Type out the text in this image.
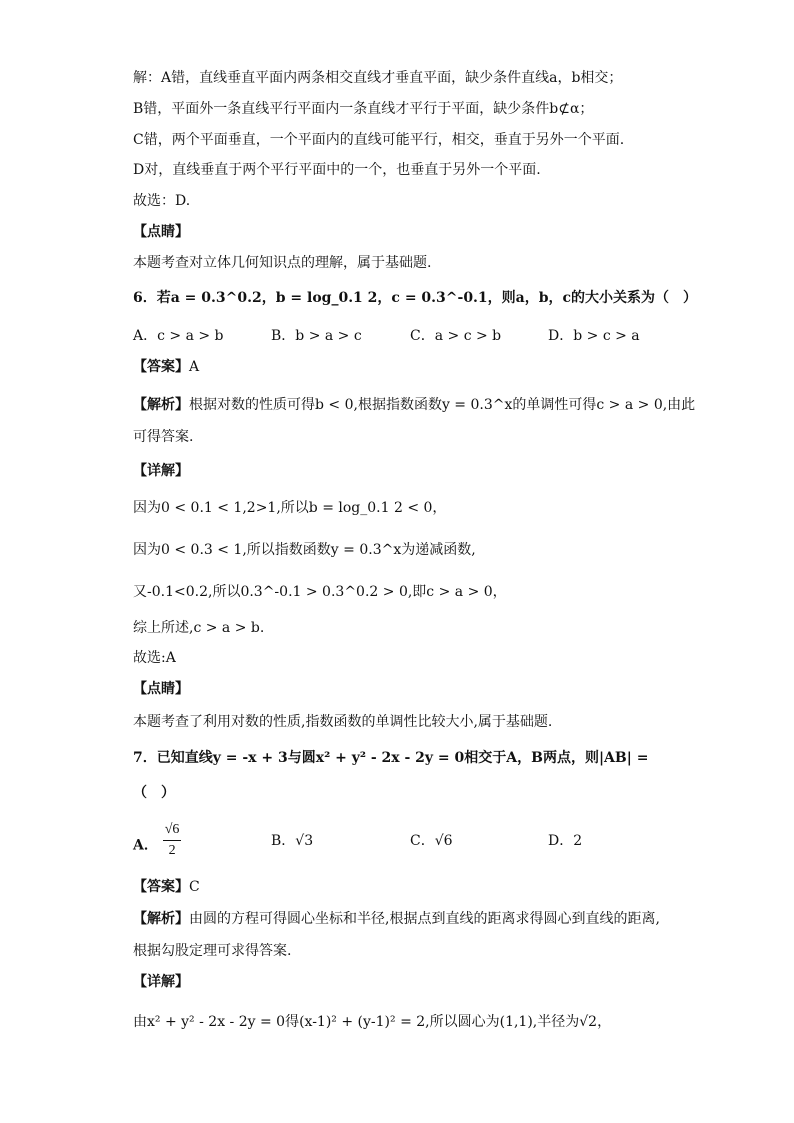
解：A错，直线垂直平面内两条相交直线才垂直平面，缺少条件直线a，b相交；
B错，平面外一条直线平行平面内一条直线才平行于平面，缺少条件b⊄α；
C错，两个平面垂直，一个平面内的直线可能平行，相交，垂直于另外一个平面.
D对，直线垂直于两个平行平面中的一个，也垂直于另外一个平面.
故选：D.
【点睛】
本题考查对立体几何知识点的理解，属于基础题.
6．若a = 0.3^0.2，b = log_0.1 2，c = 0.3^-0.1，则a，b，c的大小关系为（　）
A．c > a > b	B．b > a > c	C．a > c > b	D．b > c > a
【答案】A
【解析】根据对数的性质可得b < 0,根据指数函数y = 0.3^x的单调性可得c > a > 0,由此
可得答案.
【详解】
因为0 < 0.1 < 1,2>1,所以b = log_0.1 2 < 0，
因为0 < 0.3 < 1,所以指数函数y = 0.3^x为递减函数,
又-0.1<0.2,所以0.3^-0.1 > 0.3^0.2 > 0,即c > a > 0，
综上所述,c > a > b.
故选:A
【点睛】
本题考查了利用对数的性质,指数函数的单调性比较大小,属于基础题.
7．已知直线y = -x + 3与圆x² + y² - 2x - 2y = 0相交于A，B两点，则|AB| =
（　）
A． $\frac{√6}{2}$	B．√3	C．√6	D．2
【答案】C
【解析】由圆的方程可得圆心坐标和半径,根据点到直线的距离求得圆心到直线的距离,
根据勾股定理可求得答案.
【详解】
由x² + y² - 2x - 2y = 0得(x-1)² + (y-1)² = 2,所以圆心为(1,1),半径为√2，
